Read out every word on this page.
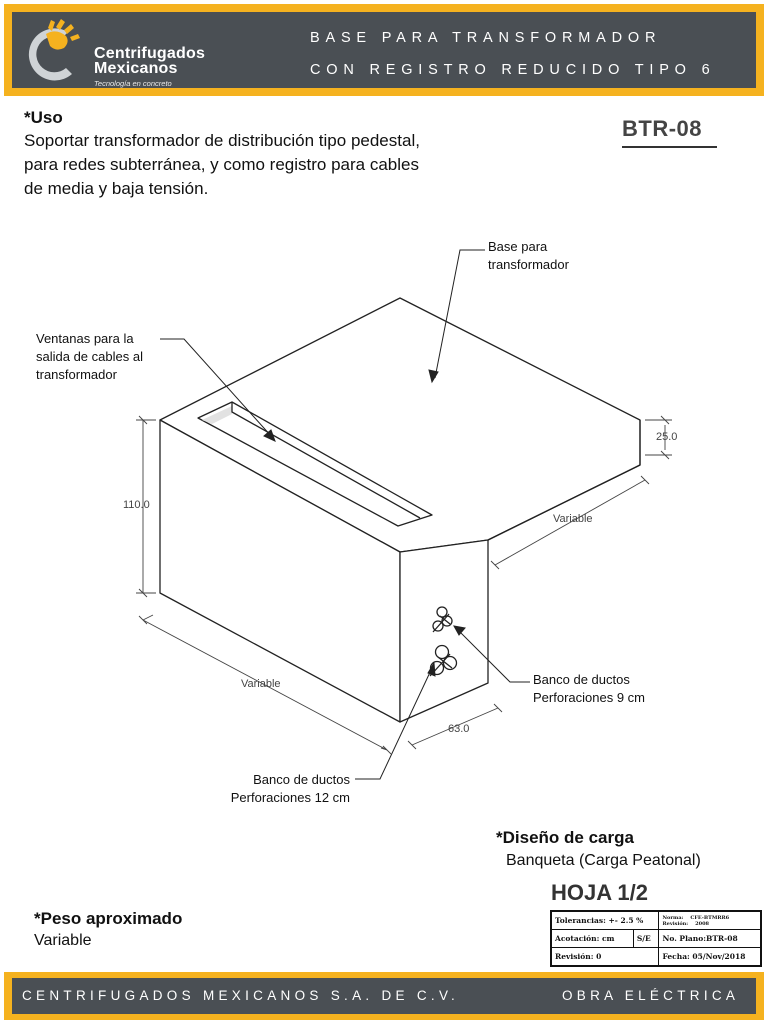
Centrifugados
Mexicanos
Tecnología en concreto
BASE PARA TRANSFORMADOR
CON REGISTRO REDUCIDO TIPO 6
*Uso
Soportar transformador de distribución tipo pedestal,
para redes subterránea, y como registro para cables
de media y baja tensión.
BTR-08
Base para
transformador
Ventanas para la
salida de cables al
transformador
Banco de ductos
Perforaciones 9 cm
Banco de ductos
Perforaciones 12 cm
110.0
25.0
Variable
Variable
63.0
*Diseño de carga
Banqueta (Carga Peatonal)
HOJA 1/2
*Peso aproximado
Variable
Tolerancias: +- 2.5 %		Norma: CFE-BTMRR6
Revisión: 2008

Acotación: cm	S/E	No. Plano:BTR-08
Revisión: 0		Fecha: 05/Nov/2018
CENTRIFUGADOS MEXICANOS S.A. DE C.V.	OBRA ELÉCTRICA
